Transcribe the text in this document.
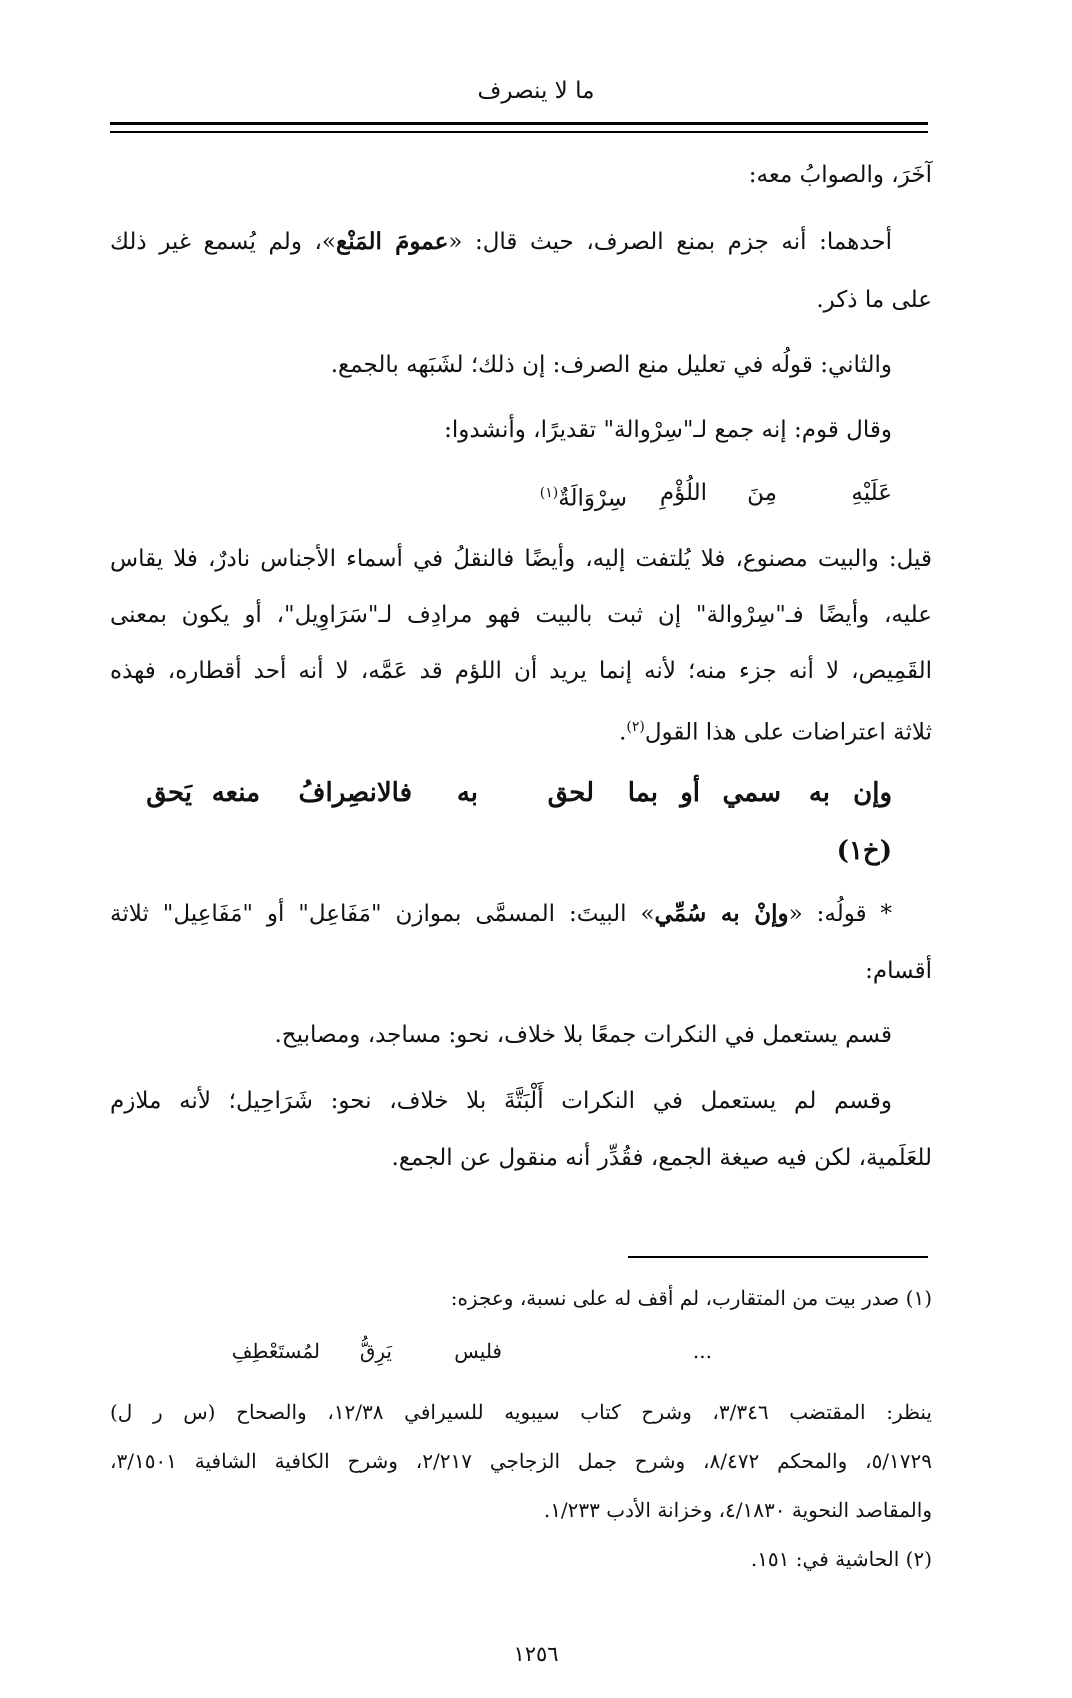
ما لا ينصرف
آخَرَ، والصوابُ معه:
أحدهما: أنه جزم بمنع الصرف، حيث قال: «عمومَ المَنْع»، ولم يُسمع غير ذلك
على ما ذكر.
والثاني: قولُه في تعليل منع الصرف: إن ذلك؛ لشَبَهه بالجمع.
وقال قوم: إنه جمع لـ"سِرْوالة" تقديرًا، وأنشدوا:
عَلَيْهِ
مِنَ
اللُؤْمِ
سِرْوَالَةٌ$^{(١)}$
قيل: والبيت مصنوع، فلا يُلتفت إليه، وأيضًا فالنقلُ في أسماء الأجناس نادرٌ، فلا يقاس
عليه، وأيضًا فـ"سِرْوالة" إن ثبت بالبيت فهو مرادِف لـ"سَرَاوِيل"، أو يكون بمعنى
القَمِيص، لا أنه جزء منه؛ لأنه إنما يريد أن اللؤم قد عَمَّه، لا أنه أحد أقطاره، فهذه
ثلاثة اعتراضات على هذا القول$^{(٢)}$.
وإن
به
سمي
أو
بما
لحق
به
فالانصِرافُ
منعه
يَحق
(خ١)
* قولُه: «وإنْ به سُمِّي» البيتَ: المسمَّى بموازن "مَفَاعِل" أو "مَفَاعِيل" ثلاثة
أقسام:
قسم يستعمل في النكرات جمعًا بلا خلاف، نحو: مساجد، ومصابيح.
وقسم لم يستعمل في النكرات أَلْبَتَّةَ بلا خلاف، نحو: شَرَاحِيل؛ لأنه ملازم
للعَلَمية، لكن فيه صيغة الجمع، فقُدِّر أنه منقول عن الجمع.
(١) صدر بيت من المتقارب، لم أقف له على نسبة، وعجزه:
...
فليس
يَرِقُّ
لمُستَعْطِفِ
ينظر: المقتضب ٣/٣٤٦، وشرح كتاب سيبويه للسيرافي ١٢/٣٨، والصحاح (س ر ل)
٥/١٧٢٩، والمحكم ٨/٤٧٢، وشرح جمل الزجاجي ٢/٢١٧، وشرح الكافية الشافية ٣/١٥٠١،
والمقاصد النحوية ٤/١٨٣٠، وخزانة الأدب ١/٢٣٣.
(٢) الحاشية في: ١٥١.
١٢٥٦
